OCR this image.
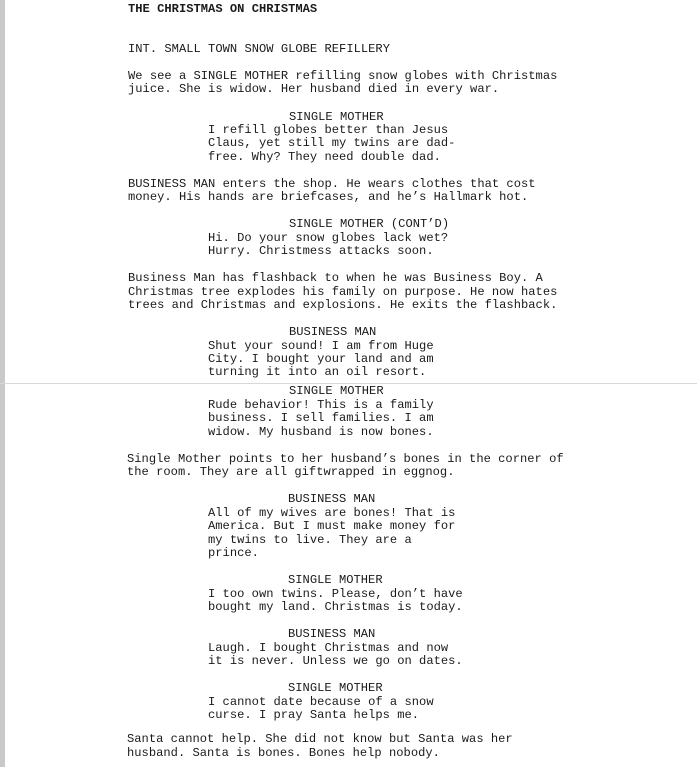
THE CHRISTMAS ON CHRISTMAS
INT. SMALL TOWN SNOW GLOBE REFILLERY
We see a SINGLE MOTHER refilling snow globes with Christmas
juice. She is widow. Her husband died in every war.
SINGLE MOTHER
I refill globes better than Jesus
Claus, yet still my twins are dad-
free. Why? They need double dad.
BUSINESS MAN enters the shop. He wears clothes that cost
money. His hands are briefcases, and he’s Hallmark hot.
SINGLE MOTHER (CONT’D)
Hi. Do your snow globes lack wet?
Hurry. Christmess attacks soon.
Business Man has flashback to when he was Business Boy. A
Christmas tree explodes his family on purpose. He now hates
trees and Christmas and explosions. He exits the flashback.
BUSINESS MAN
Shut your sound! I am from Huge
City. I bought your land and am
turning it into an oil resort.
SINGLE MOTHER
Rude behavior! This is a family
business. I sell families. I am
widow. My husband is now bones.
Single Mother points to her husband’s bones in the corner of
the room. They are all giftwrapped in eggnog.
BUSINESS MAN
All of my wives are bones! That is
America. But I must make money for
my twins to live. They are a
prince.
SINGLE MOTHER
I too own twins. Please, don’t have
bought my land. Christmas is today.
BUSINESS MAN
Laugh. I bought Christmas and now
it is never. Unless we go on dates.
SINGLE MOTHER
I cannot date because of a snow
curse. I pray Santa helps me.
Santa cannot help. She did not know but Santa was her
husband. Santa is bones. Bones help nobody.
